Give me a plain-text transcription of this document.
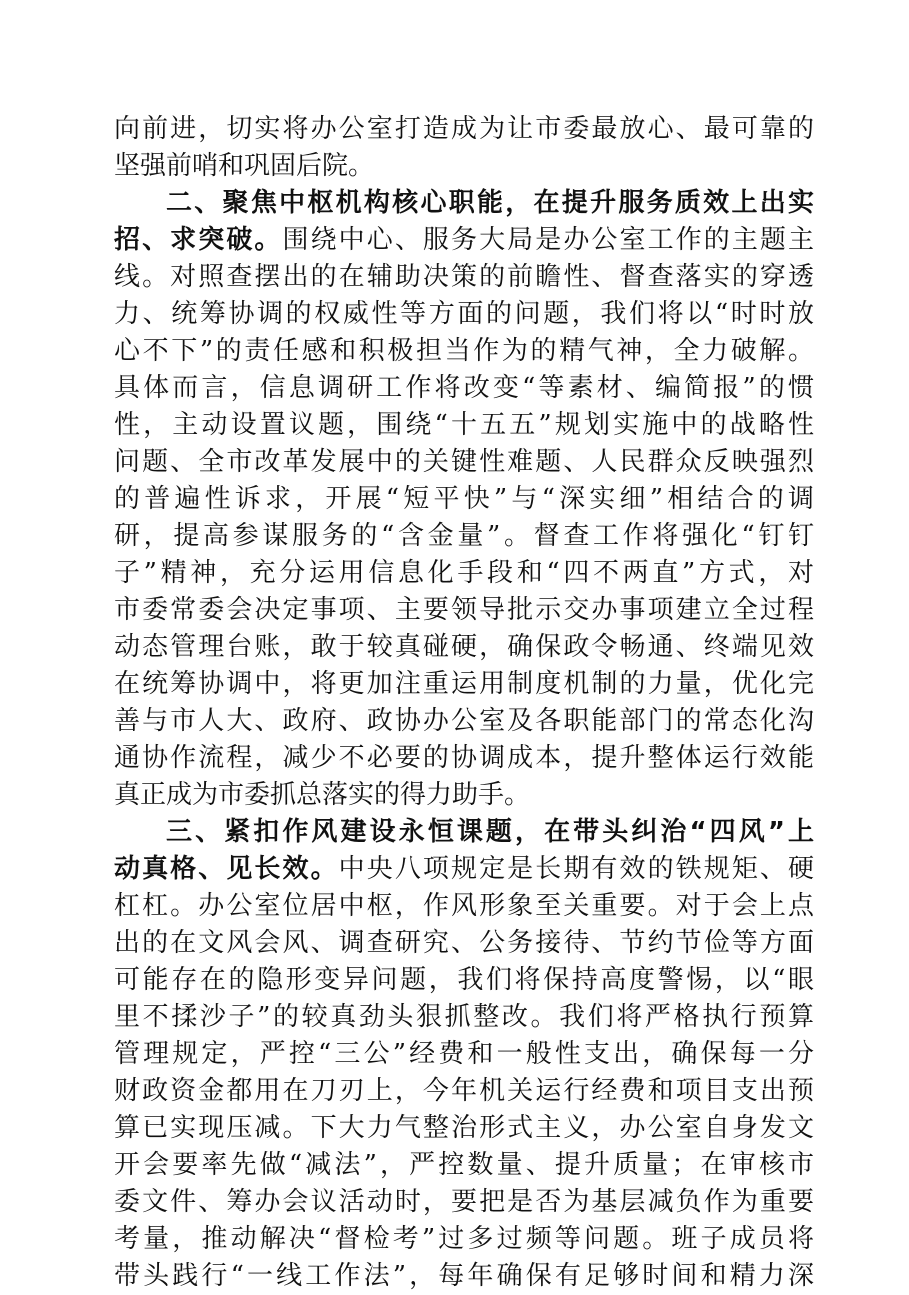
向前进，切实将办公室打造成为让市委最放心、最可靠的
坚强前哨和巩固后院。
二、聚焦中枢机构核心职能，在提升服务质效上出实
招、求突破。围绕中心、服务大局是办公室工作的主题主
线。对照查摆出的在辅助决策的前瞻性、督查落实的穿透
力、统筹协调的权威性等方面的问题，我们将以“时时放
心不下”的责任感和积极担当作为的精气神，全力破解。
具体而言，信息调研工作将改变“等素材、编简报”的惯
性，主动设置议题，围绕“十五五”规划实施中的战略性
问题、全市改革发展中的关键性难题、人民群众反映强烈
的普遍性诉求，开展“短平快”与“深实细”相结合的调
研，提高参谋服务的“含金量”。督查工作将强化“钉钉
子”精神，充分运用信息化手段和“四不两直”方式，对
市委常委会决定事项、主要领导批示交办事项建立全过程
动态管理台账，敢于较真碰硬，确保政令畅通、终端见效
在统筹协调中，将更加注重运用制度机制的力量，优化完
善与市人大、政府、政协办公室及各职能部门的常态化沟
通协作流程，减少不必要的协调成本，提升整体运行效能
真正成为市委抓总落实的得力助手。
三、紧扣作风建设永恒课题，在带头纠治“四风”上
动真格、见长效。中央八项规定是长期有效的铁规矩、硬
杠杠。办公室位居中枢，作风形象至关重要。对于会上点
出的在文风会风、调查研究、公务接待、节约节俭等方面
可能存在的隐形变异问题，我们将保持高度警惕，以“眼
里不揉沙子”的较真劲头狠抓整改。我们将严格执行预算
管理规定，严控“三公”经费和一般性支出，确保每一分
财政资金都用在刀刃上，今年机关运行经费和项目支出预
算已实现压减。下大力气整治形式主义，办公室自身发文
开会要率先做“减法”，严控数量、提升质量；在审核市
委文件、筹办会议活动时，要把是否为基层减负作为重要
考量，推动解决“督检考”过多过频等问题。班子成员将
带头践行“一线工作法”，每年确保有足够时间和精力深
